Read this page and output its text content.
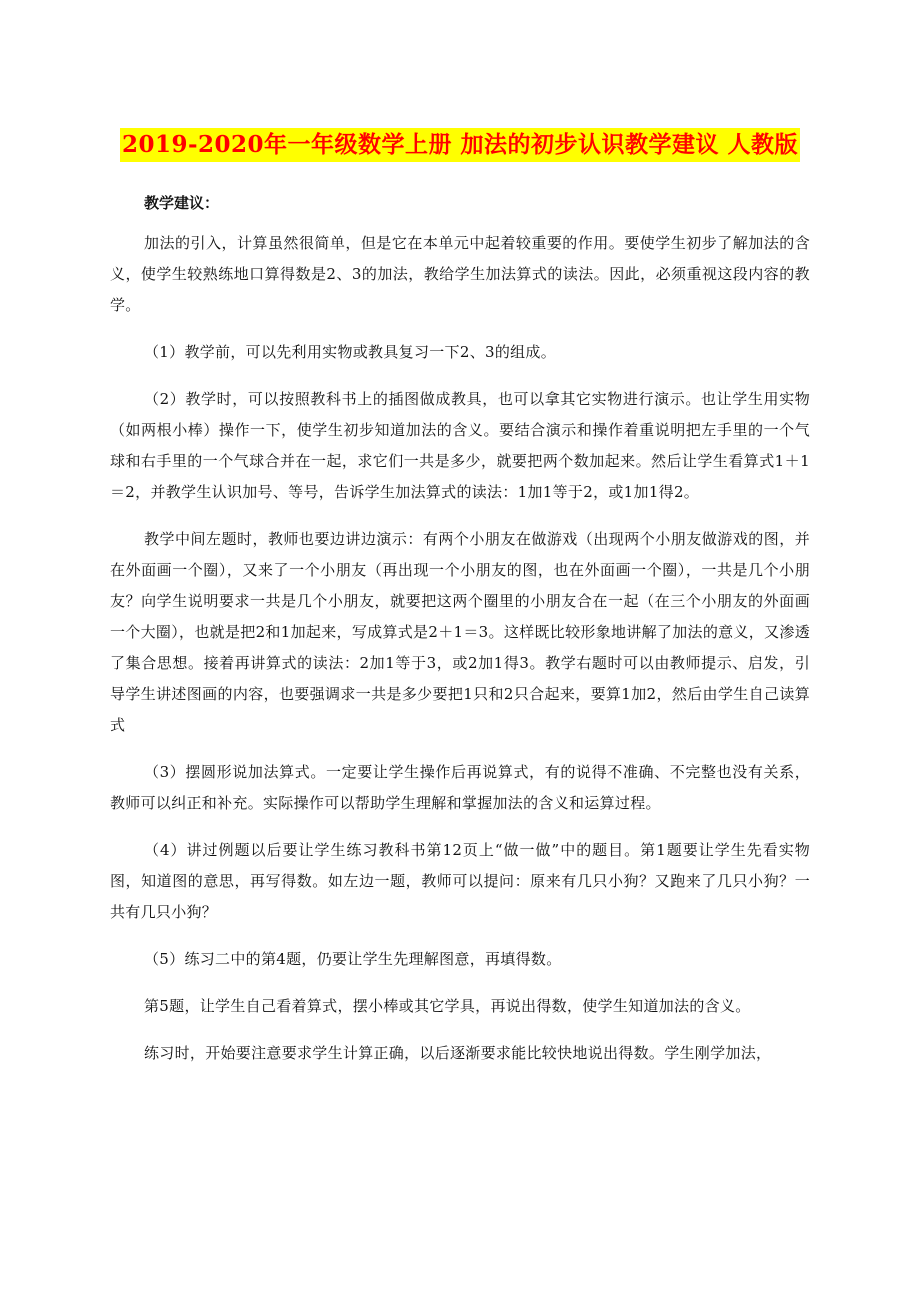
2019-2020年一年级数学上册 加法的初步认识教学建议 人教版
教学建议：

加法的引入，计算虽然很简单，但是它在本单元中起着较重要的作用。要使学生初步了解加法的含义，使学生较熟练地口算得数是2、3的加法，教给学生加法算式的读法。因此，必须重视这段内容的教学。

（1）教学前，可以先利用实物或教具复习一下2、3的组成。

（2）教学时，可以按照教科书上的插图做成教具，也可以拿其它实物进行演示。也让学生用实物（如两根小棒）操作一下，使学生初步知道加法的含义。要结合演示和操作着重说明把左手里的一个气球和右手里的一个气球合并在一起，求它们一共是多少，就要把两个数加起来。然后让学生看算式1＋1＝2，并教学生认识加号、等号，告诉学生加法算式的读法：1加1等于2，或1加1得2。

教学中间左题时，教师也要边讲边演示：有两个小朋友在做游戏（出现两个小朋友做游戏的图，并在外面画一个圈），又来了一个小朋友（再出现一个小朋友的图，也在外面画一个圈），一共是几个小朋友？向学生说明要求一共是几个小朋友，就要把这两个圈里的小朋友合在一起（在三个小朋友的外面画一个大圈），也就是把2和1加起来，写成算式是2＋1＝3。这样既比较形象地讲解了加法的意义，又渗透了集合思想。接着再讲算式的读法：2加1等于3，或2加1得3。教学右题时可以由教师提示、启发，引导学生讲述图画的内容，也要强调求一共是多少要把1只和2只合起来，要算1加2，然后由学生自己读算式

（3）摆圆形说加法算式。一定要让学生操作后再说算式，有的说得不准确、不完整也没有关系，教师可以纠正和补充。实际操作可以帮助学生理解和掌握加法的含义和运算过程。

（4）讲过例题以后要让学生练习教科书第12页上“做一做”中的题目。第1题要让学生先看实物图，知道图的意思，再写得数。如左边一题，教师可以提问：原来有几只小狗？又跑来了几只小狗？一共有几只小狗？

（5）练习二中的第4题，仍要让学生先理解图意，再填得数。

第5题，让学生自己看着算式，摆小棒或其它学具，再说出得数，使学生知道加法的含义。

练习时，开始要注意要求学生计算正确，以后逐渐要求能比较快地说出得数。学生刚学加法，
